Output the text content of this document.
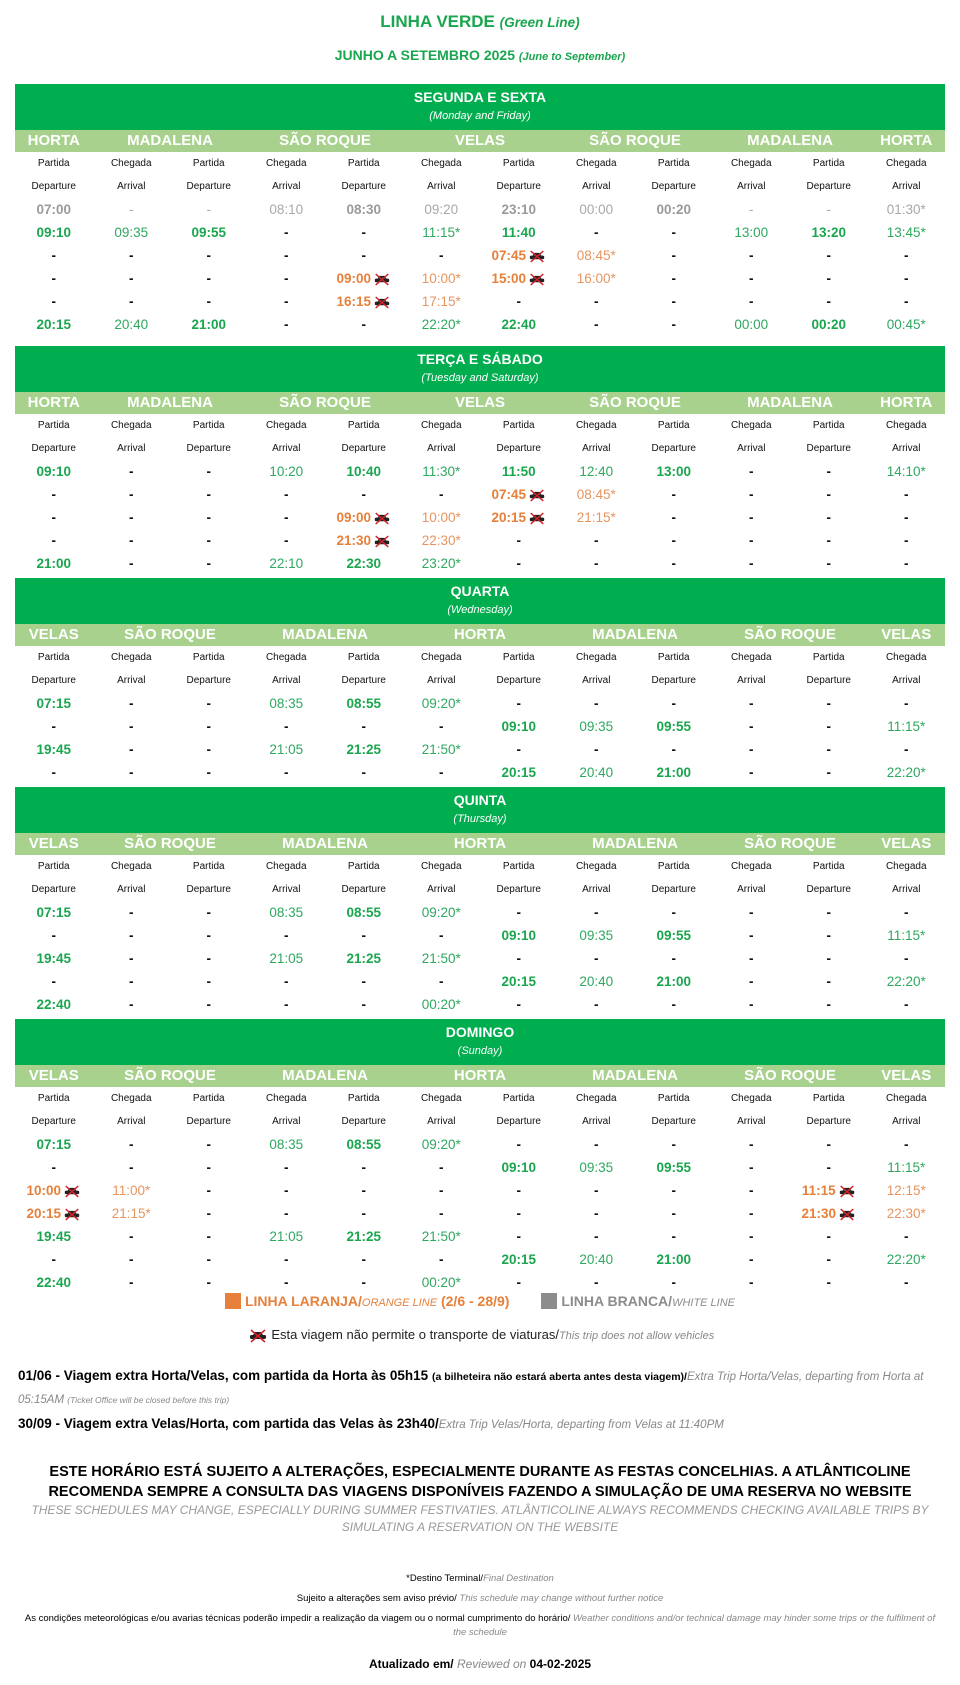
LINHA VERDE (Green Line)
JUNHO A SETEMBRO 2025 (June to September)
SEGUNDA E SEXTA
(Monday and Friday)
HORTA	MADALENA	SÃO ROQUE	VELAS	SÃO ROQUE	MADALENA	HORTA
Partida	Chegada	Partida	Chegada	Partida	Chegada	Partida	Chegada	Partida	Chegada	Partida	Chegada
Departure	Arrival	Departure	Arrival	Departure	Arrival	Departure	Arrival	Departure	Arrival	Departure	Arrival
07:00	-	-	08:10	08:30	09:20	23:10	00:00	00:20	-	-	01:30*
09:10	09:35	09:55	-	-	11:15*	11:40	-	-	13:00	13:20	13:45*
-	-	-	-	-	-	07:45	08:45*	-	-	-	-
-	-	-	-	09:00	10:00*	15:00	16:00*	-	-	-	-
-	-	-	-	16:15	17:15*	-	-	-	-	-	-
20:15	20:40	21:00	-	-	22:20*	22:40	-	-	00:00	00:20	00:45*
TERÇA E SÁBADO
(Tuesday and Saturday)
HORTA	MADALENA	SÃO ROQUE	VELAS	SÃO ROQUE	MADALENA	HORTA
Partida	Chegada	Partida	Chegada	Partida	Chegada	Partida	Chegada	Partida	Chegada	Partida	Chegada
Departure	Arrival	Departure	Arrival	Departure	Arrival	Departure	Arrival	Departure	Arrival	Departure	Arrival
09:10	-	-	10:20	10:40	11:30*	11:50	12:40	13:00	-	-	14:10*
-	-	-	-	-	-	07:45	08:45*	-	-	-	-
-	-	-	-	09:00	10:00*	20:15	21:15*	-	-	-	-
-	-	-	-	21:30	22:30*	-	-	-	-	-	-
21:00	-	-	22:10	22:30	23:20*	-	-	-	-	-	-
QUARTA
(Wednesday)
VELAS	SÃO ROQUE	MADALENA	HORTA	MADALENA	SÃO ROQUE	VELAS
Partida	Chegada	Partida	Chegada	Partida	Chegada	Partida	Chegada	Partida	Chegada	Partida	Chegada
Departure	Arrival	Departure	Arrival	Departure	Arrival	Departure	Arrival	Departure	Arrival	Departure	Arrival
07:15	-	-	08:35	08:55	09:20*	-	-	-	-	-	-
-	-	-	-	-	-	09:10	09:35	09:55	-	-	11:15*
19:45	-	-	21:05	21:25	21:50*	-	-	-	-	-	-
-	-	-	-	-	-	20:15	20:40	21:00	-	-	22:20*
QUINTA
(Thursday)
VELAS	SÃO ROQUE	MADALENA	HORTA	MADALENA	SÃO ROQUE	VELAS
Partida	Chegada	Partida	Chegada	Partida	Chegada	Partida	Chegada	Partida	Chegada	Partida	Chegada
Departure	Arrival	Departure	Arrival	Departure	Arrival	Departure	Arrival	Departure	Arrival	Departure	Arrival
07:15	-	-	08:35	08:55	09:20*	-	-	-	-	-	-
-	-	-	-	-	-	09:10	09:35	09:55	-	-	11:15*
19:45	-	-	21:05	21:25	21:50*	-	-	-	-	-	-
-	-	-	-	-	-	20:15	20:40	21:00	-	-	22:20*
22:40	-	-	-	-	00:20*	-	-	-	-	-	-
DOMINGO
(Sunday)
VELAS	SÃO ROQUE	MADALENA	HORTA	MADALENA	SÃO ROQUE	VELAS
Partida	Chegada	Partida	Chegada	Partida	Chegada	Partida	Chegada	Partida	Chegada	Partida	Chegada
Departure	Arrival	Departure	Arrival	Departure	Arrival	Departure	Arrival	Departure	Arrival	Departure	Arrival
07:15	-	-	08:35	08:55	09:20*	-	-	-	-	-	-
-	-	-	-	-	-	09:10	09:35	09:55	-	-	11:15*
10:00	11:00*	-	-	-	-	-	-	-	-	11:15	12:15*
20:15	21:15*	-	-	-	-	-	-	-	-	21:30	22:30*
19:45	-	-	21:05	21:25	21:50*	-	-	-	-	-	-
-	-	-	-	-	-	20:15	20:40	21:00	-	-	22:20*
22:40	-	-	-	-	00:20*	-	-	-	-	-	-
LINHA LARANJA/ORANGE LINE (2/6 - 28/9)	LINHA BRANCA/WHITE LINE
Esta viagem não permite o transporte de viaturas/This trip does not allow vehicles
01/06 - Viagem extra Horta/Velas, com partida da Horta às 05h15 (a bilheteira não estará aberta antes desta viagem)/Extra Trip Horta/Velas, departing from Horta at 05:15AM (Ticket Office will be closed before this trip)
30/09 - Viagem extra Velas/Horta, com partida das Velas às 23h40/Extra Trip Velas/Horta, departing from Velas at 11:40PM
ESTE HORÁRIO ESTÁ SUJEITO A ALTERAÇÕES, ESPECIALMENTE DURANTE AS FESTAS CONCELHIAS. A ATLÂNTICOLINE
RECOMENDA SEMPRE A CONSULTA DAS VIAGENS DISPONÍVEIS FAZENDO A SIMULAÇÃO DE UMA RESERVA NO WEBSITE
THESE SCHEDULES MAY CHANGE, ESPECIALLY DURING SUMMER FESTIVATIES. ATLÂNTICOLINE ALWAYS RECOMMENDS CHECKING AVAILABLE TRIPS BY SIMULATING A RESERVATION ON THE WEBSITE
*Destino Terminal/Final Destination
Sujeito a alterações sem aviso prévio/ This schedule may change without further notice
As condições meteorológicas e/ou avarias técnicas poderão impedir a realização da viagem ou o normal cumprimento do horário/ Weather conditions and/or technical damage may hinder some trips or the fulfilment of the schedule
Atualizado em/ Reviewed on 04-02-2025
